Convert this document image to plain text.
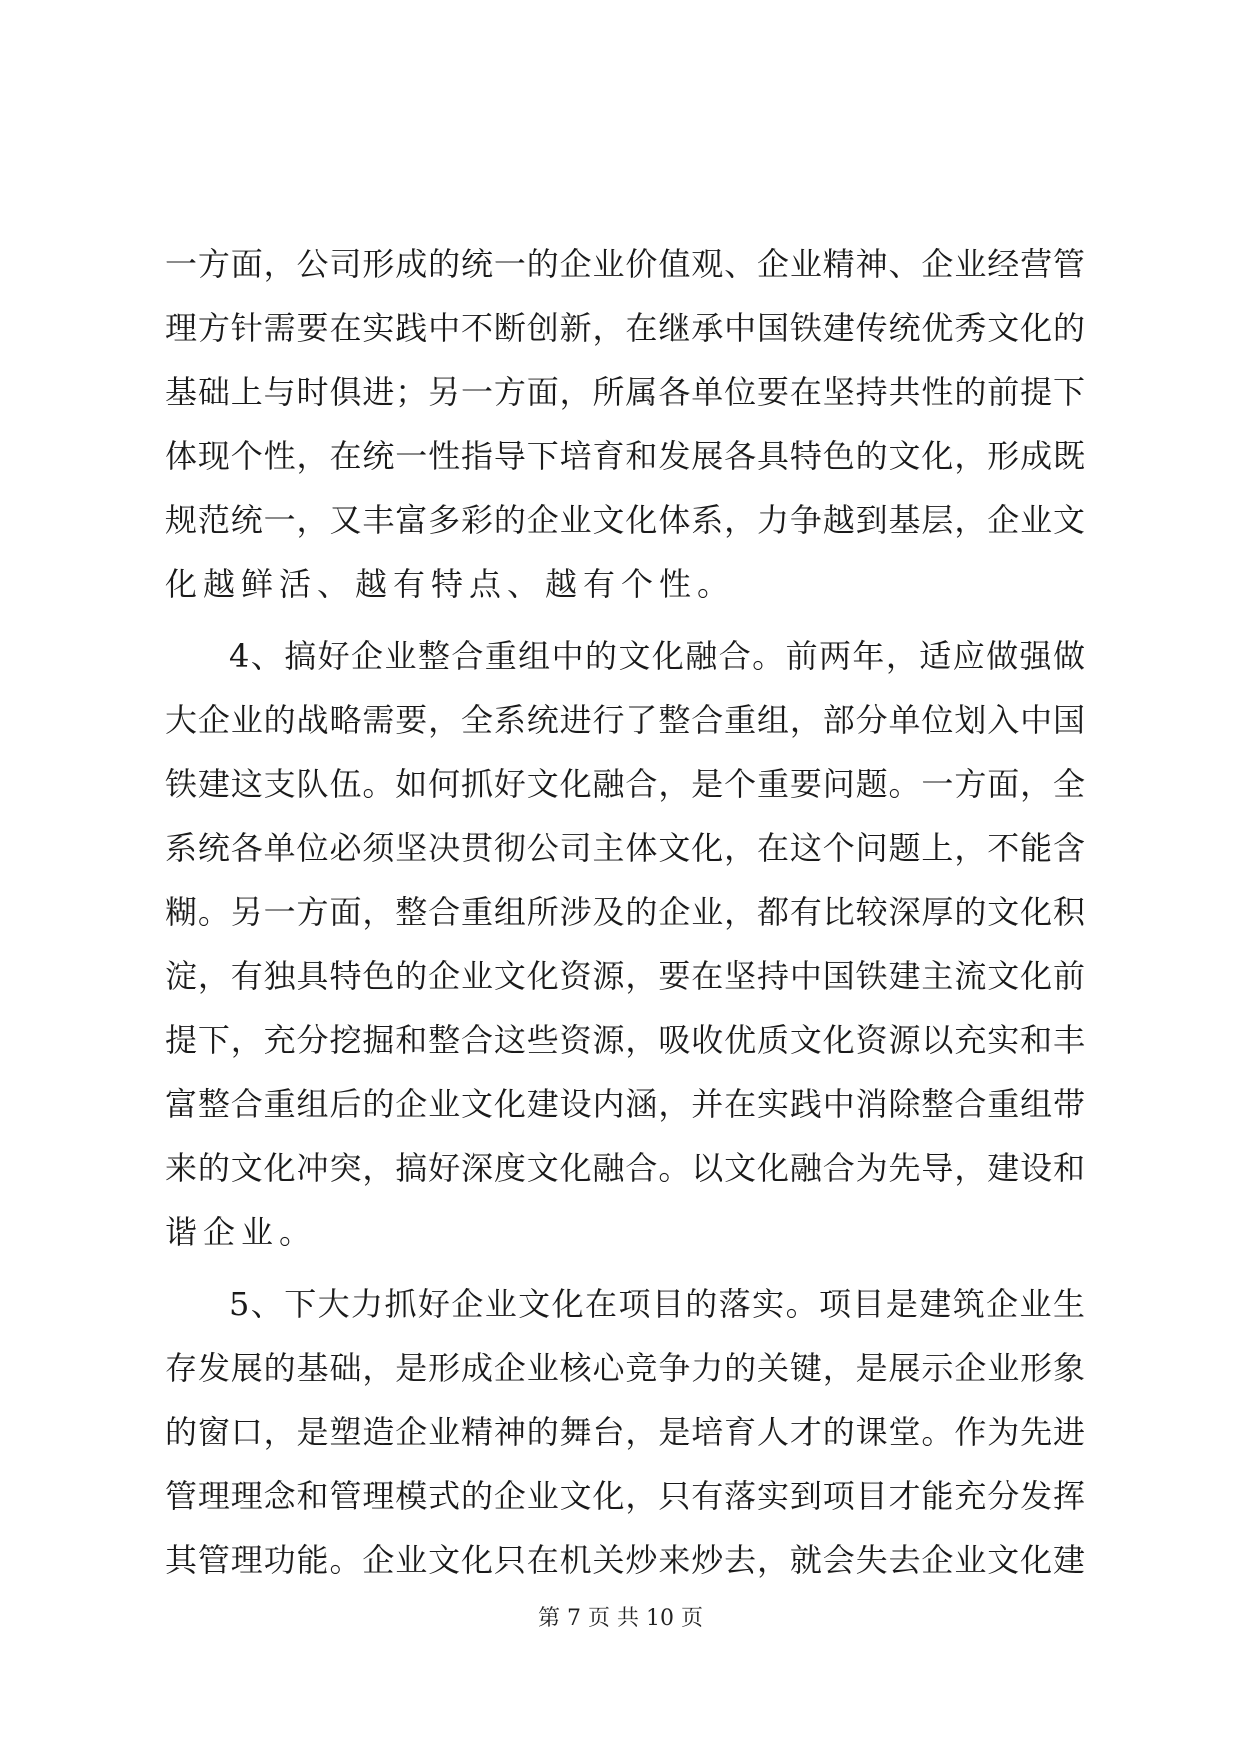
一方面，公司形成的统一的企业价值观、企业精神、企业经营管
理方针需要在实践中不断创新，在继承中国铁建传统优秀文化的
基础上与时俱进；另一方面，所属各单位要在坚持共性的前提下
体现个性，在统一性指导下培育和发展各具特色的文化，形成既
规范统一，又丰富多彩的企业文化体系，力争越到基层，企业文
化越鲜活、越有特点、越有个性。
4、搞好企业整合重组中的文化融合。前两年，适应做强做
大企业的战略需要，全系统进行了整合重组，部分单位划入中国
铁建这支队伍。如何抓好文化融合，是个重要问题。一方面，全
系统各单位必须坚决贯彻公司主体文化，在这个问题上，不能含
糊。另一方面，整合重组所涉及的企业，都有比较深厚的文化积
淀，有独具特色的企业文化资源，要在坚持中国铁建主流文化前
提下，充分挖掘和整合这些资源，吸收优质文化资源以充实和丰
富整合重组后的企业文化建设内涵，并在实践中消除整合重组带
来的文化冲突，搞好深度文化融合。以文化融合为先导，建设和
谐企业。
5、下大力抓好企业文化在项目的落实。项目是建筑企业生
存发展的基础，是形成企业核心竞争力的关键，是展示企业形象
的窗口，是塑造企业精神的舞台，是培育人才的课堂。作为先进
管理理念和管理模式的企业文化，只有落实到项目才能充分发挥
其管理功能。企业文化只在机关炒来炒去，就会失去企业文化建
第 7 页 共 10 页
